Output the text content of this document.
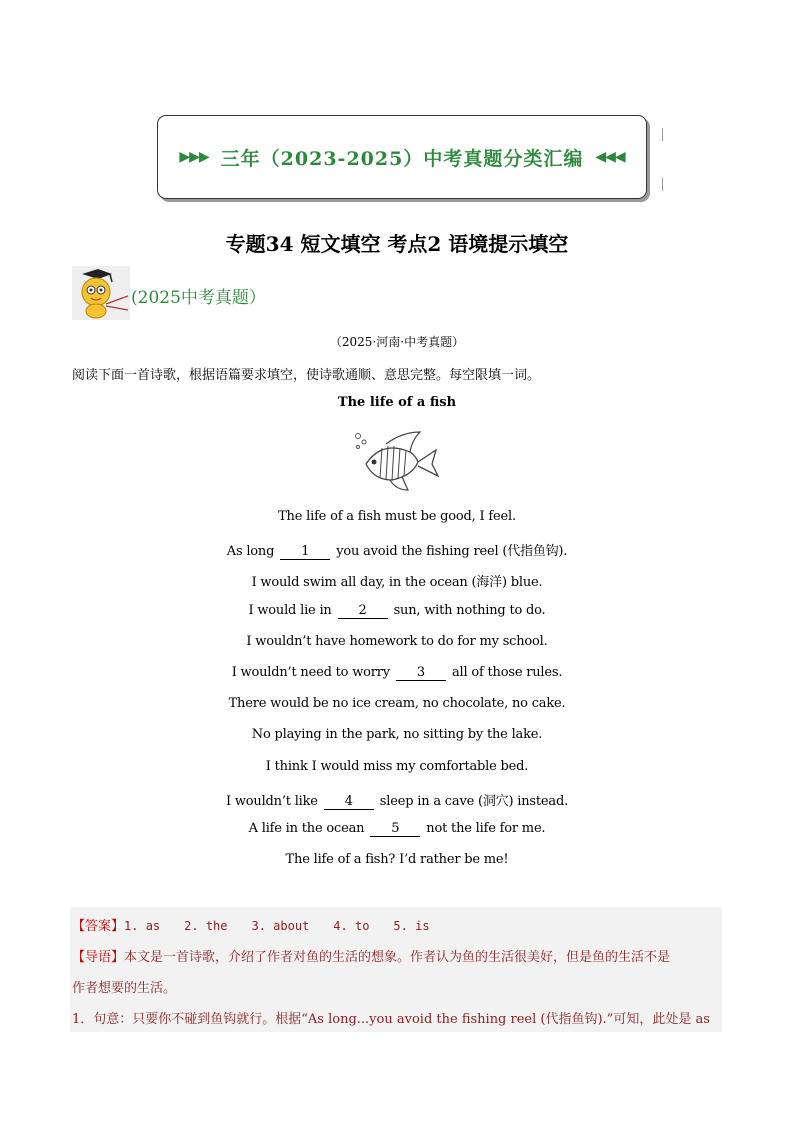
▶▶▶ 三年（2023-2025）中考真题分类汇编 ◀◀◀
专题34 短文填空 考点2 语境提示填空
(2025中考真题）
（2025·河南·中考真题）
阅读下面一首诗歌，根据语篇要求填空，使诗歌通顺、意思完整。每空限填一词。
The life of a fish
The life of a fish must be good, I feel.
As long 1 you avoid the fishing reel (代指鱼钩).
I would swim all day, in the ocean (海洋) blue.
I would lie in 2 sun, with nothing to do.
I wouldn’t have homework to do for my school.
I wouldn’t need to worry 3 all of those rules.
There would be no ice cream, no chocolate, no cake.
No playing in the park, no sitting by the lake.
I think I would miss my comfortable bed.
I wouldn’t like 4 sleep in a cave (洞穴) instead.
A life in the ocean 5 not the life for me.
The life of a fish? I’d rather be me!
【答案】1. as 2. the 3. about 4. to 5. is
【导语】本文是一首诗歌，介绍了作者对鱼的生活的想象。作者认为鱼的生活很美好，但是鱼的生活不是
作者想要的生活。
1．句意：只要你不碰到鱼钩就行。根据“As long...you avoid the fishing reel (代指鱼钩).”可知，此处是 as
